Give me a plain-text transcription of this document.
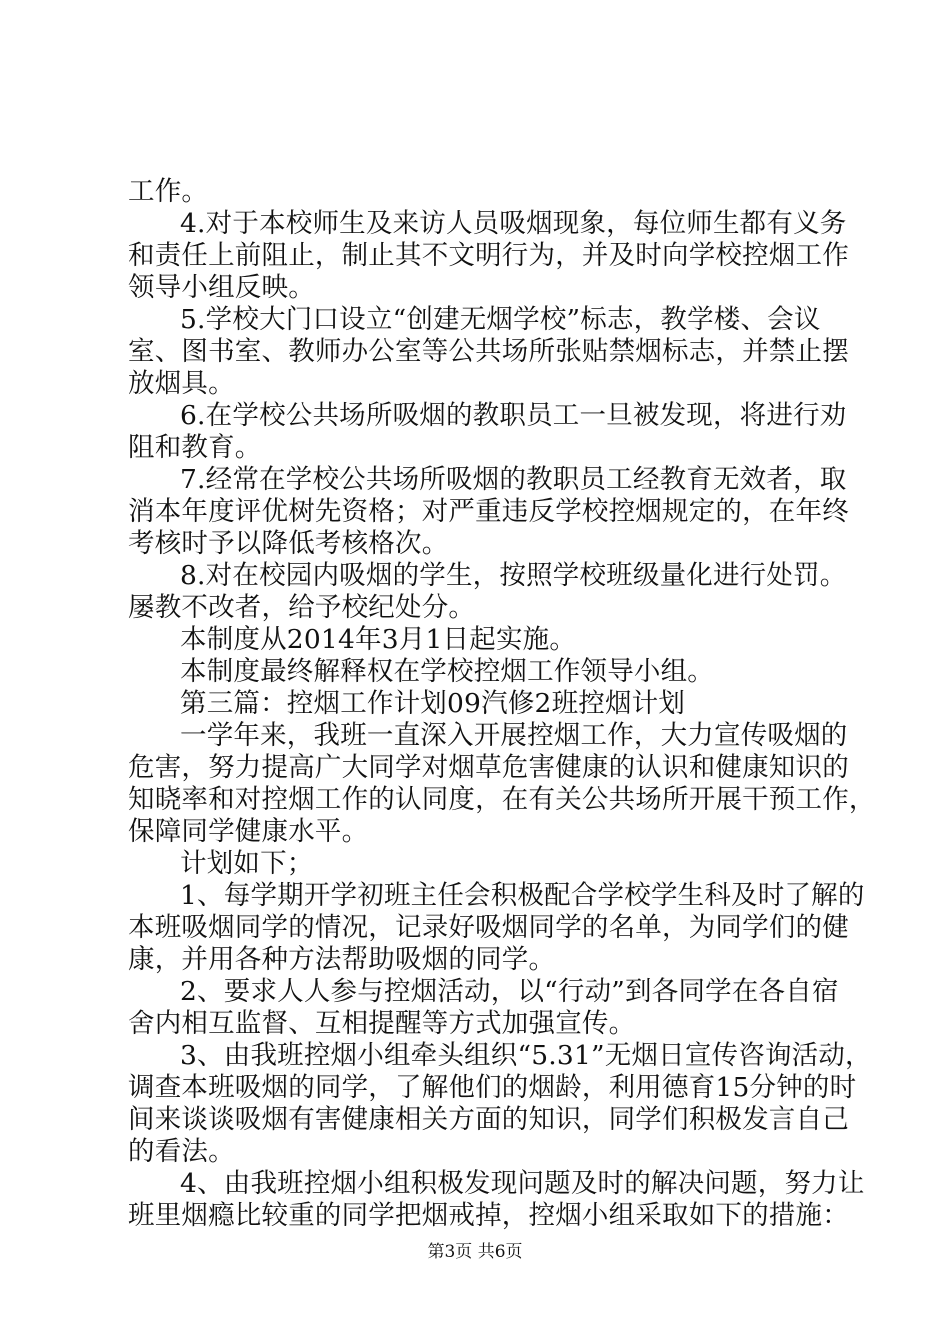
工作。
4.对于本校师生及来访人员吸烟现象，每位师生都有义务
和责任上前阻止，制止其不文明行为，并及时向学校控烟工作
领导小组反映。
5.学校大门口设立“创建无烟学校”标志，教学楼、会议
室、图书室、教师办公室等公共场所张贴禁烟标志，并禁止摆
放烟具。
6.在学校公共场所吸烟的教职员工一旦被发现，将进行劝
阻和教育。
7.经常在学校公共场所吸烟的教职员工经教育无效者，取
消本年度评优树先资格；对严重违反学校控烟规定的，在年终
考核时予以降低考核格次。
8.对在校园内吸烟的学生，按照学校班级量化进行处罚。
屡教不改者，给予校纪处分。
本制度从2014年3月1日起实施。
本制度最终解释权在学校控烟工作领导小组。
第三篇：控烟工作计划09汽修2班控烟计划
一学年来，我班一直深入开展控烟工作，大力宣传吸烟的
危害，努力提高广大同学对烟草危害健康的认识和健康知识的
知晓率和对控烟工作的认同度，在有关公共场所开展干预工作，
保障同学健康水平。
计划如下；
1、每学期开学初班主任会积极配合学校学生科及时了解的
本班吸烟同学的情况，记录好吸烟同学的名单，为同学们的健
康，并用各种方法帮助吸烟的同学。
2、要求人人参与控烟活动，以“行动”到各同学在各自宿
舍内相互监督、互相提醒等方式加强宣传。
3、由我班控烟小组牵头组织“5.31”无烟日宣传咨询活动，
调查本班吸烟的同学，了解他们的烟龄，利用德育15分钟的时
间来谈谈吸烟有害健康相关方面的知识，同学们积极发言自己
的看法。
4、由我班控烟小组积极发现问题及时的解决问题，努力让
班里烟瘾比较重的同学把烟戒掉，控烟小组采取如下的措施：
第3页 共6页
